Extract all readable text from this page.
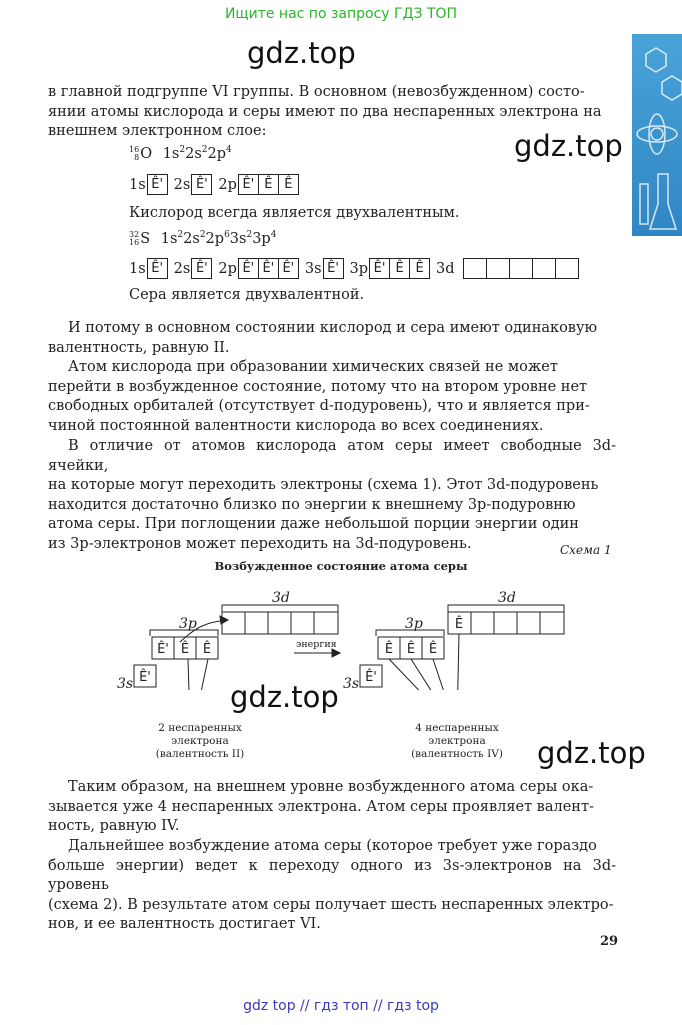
Ищите нас по запросу ГДЗ ТОП
gdz.top
gdz.top
gdz.top
gdz.top
в главной подгруппе VI группы. В основном (невозбужденном) состо-
янии атомы кислорода и серы имеют по два неспаренных электрона на
внешнем электронном слое:
16
8O $1s^22s^22p^4$
1s Ê' 2s Ê' 2p Ê' Ê Ê
Кислород всегда является двухвалентным.
32
16S $1s^22s^22p^63s^23p^4$
1s Ê' 2s Ê' 2p Ê' Ê' Ê' 3s Ê' 3p Ê' Ê Ê 3d
Сера является двухвалентной.
И потому в основном состоянии кислород и сера имеют одинаковую
валентность, равную II.
Атом кислорода при образовании химических связей не может
перейти в возбужденное состояние, потому что на втором уровне нет
свободных орбиталей (отсутствует d-подуровень), что и является при-
чиной постоянной валентности кислорода во всех соединениях.
В отличие от атомов кислорода атом серы имеет свободные 3d-ячейки,
на которые могут переходить электроны (схема 1). Этот 3d-подуровень
находится достаточно близко по энергии к внешнему 3p-подуровню
атома серы. При поглощении даже небольшой порции энергии один
из 3p-электронов может переходить на 3d-подуровень.	Схема 1
Возбужденное состояние атома серы
3d
3p
3s
3d
3p
3s
Ê' Ê Ê
Ê'
Ê Ê Ê
Ê'
Ê
энергия
2 неспаренных
электрона
(валентность II)
4 неспаренных
электрона
(валентность IV)
Таким образом, на внешнем уровне возбужденного атома серы ока-
зывается уже 4 неспаренных электрона. Атом серы проявляет валент-
ность, равную IV.
Дальнейшее возбуждение атома серы (которое требует уже гораздо
больше энергии) ведет к переходу одного из 3s-электронов на 3d-уровень
(схема 2). В результате атом серы получает шесть неспаренных электро-
нов, и ее валентность достигает VI.
29
gdz top // гдз топ // гдз top
